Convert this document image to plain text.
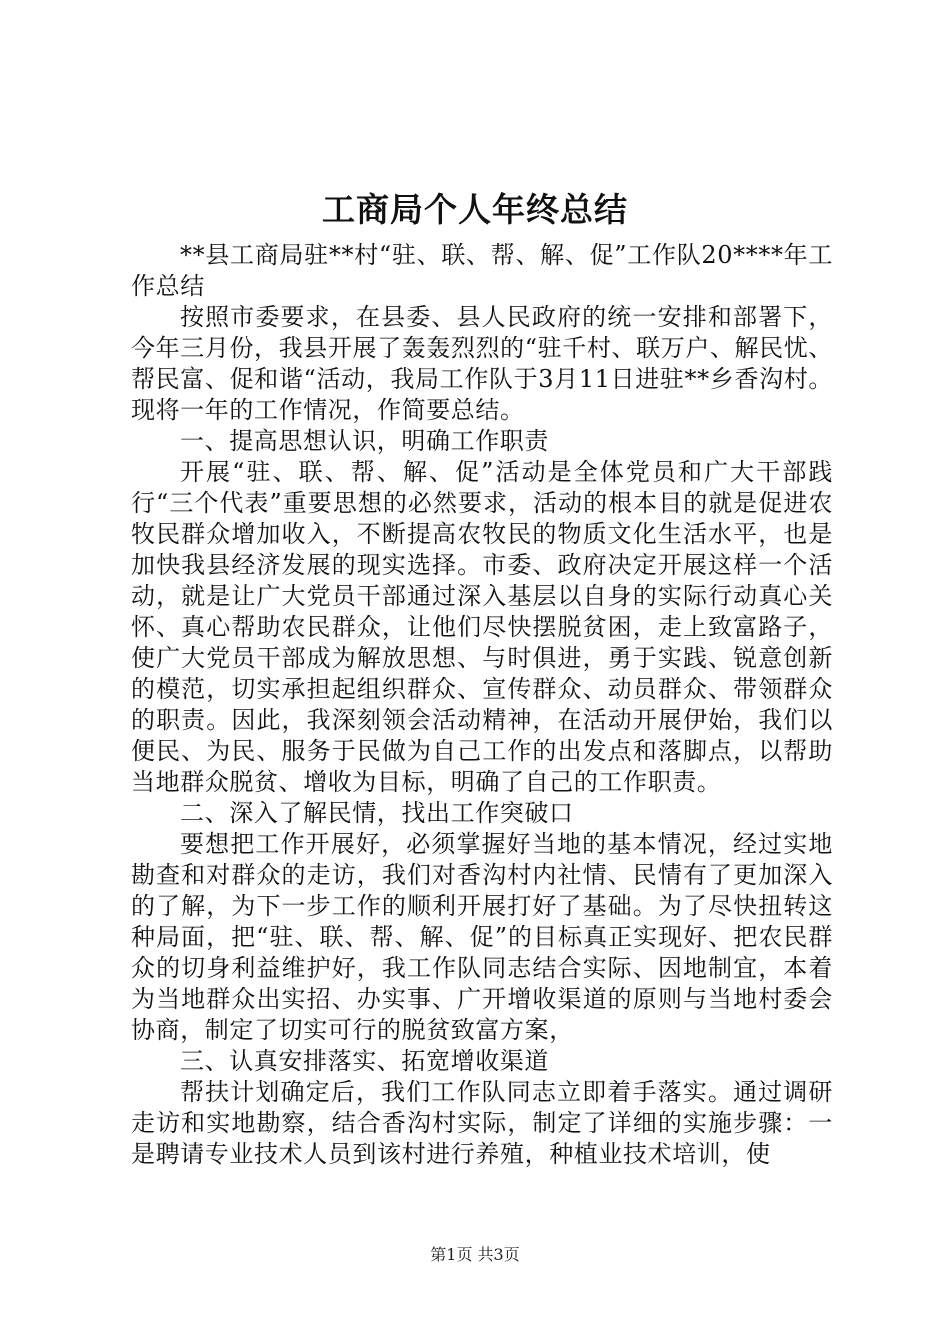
工商局个人年终总结

**县工商局驻**村“驻、联、帮、解、促”工作队20****年工作总结

按照市委要求，在县委、县人民政府的统一安排和部署下，今年三月份，我县开展了轰轰烈烈的“驻千村、联万户、解民忧、帮民富、促和谐“活动，我局工作队于3月11日进驻**乡香沟村。现将一年的工作情况，作简要总结。

一、提高思想认识，明确工作职责

开展“驻、联、帮、解、促”活动是全体党员和广大干部践行“三个代表”重要思想的必然要求，活动的根本目的就是促进农牧民群众增加收入，不断提高农牧民的物质文化生活水平，也是加快我县经济发展的现实选择。市委、政府决定开展这样一个活动，就是让广大党员干部通过深入基层以自身的实际行动真心关怀、真心帮助农民群众，让他们尽快摆脱贫困，走上致富路子，使广大党员干部成为解放思想、与时俱进，勇于实践、锐意创新的模范，切实承担起组织群众、宣传群众、动员群众、带领群众的职责。因此，我深刻领会活动精神，在活动开展伊始，我们以便民、为民、服务于民做为自己工作的出发点和落脚点，以帮助当地群众脱贫、增收为目标，明确了自己的工作职责。

二、深入了解民情，找出工作突破口

要想把工作开展好，必须掌握好当地的基本情况，经过实地勘查和对群众的走访，我们对香沟村内社情、民情有了更加深入的了解，为下一步工作的顺利开展打好了基础。为了尽快扭转这种局面，把“驻、联、帮、解、促”的目标真正实现好、把农民群众的切身利益维护好，我工作队同志结合实际、因地制宜，本着为当地群众出实招、办实事、广开增收渠道的原则与当地村委会协商，制定了切实可行的脱贫致富方案，

三、认真安排落实、拓宽增收渠道

帮扶计划确定后，我们工作队同志立即着手落实。通过调研走访和实地勘察，结合香沟村实际，制定了详细的实施步骤：一是聘请专业技术人员到该村进行养殖，种植业技术培训，使

第1页 共3页
